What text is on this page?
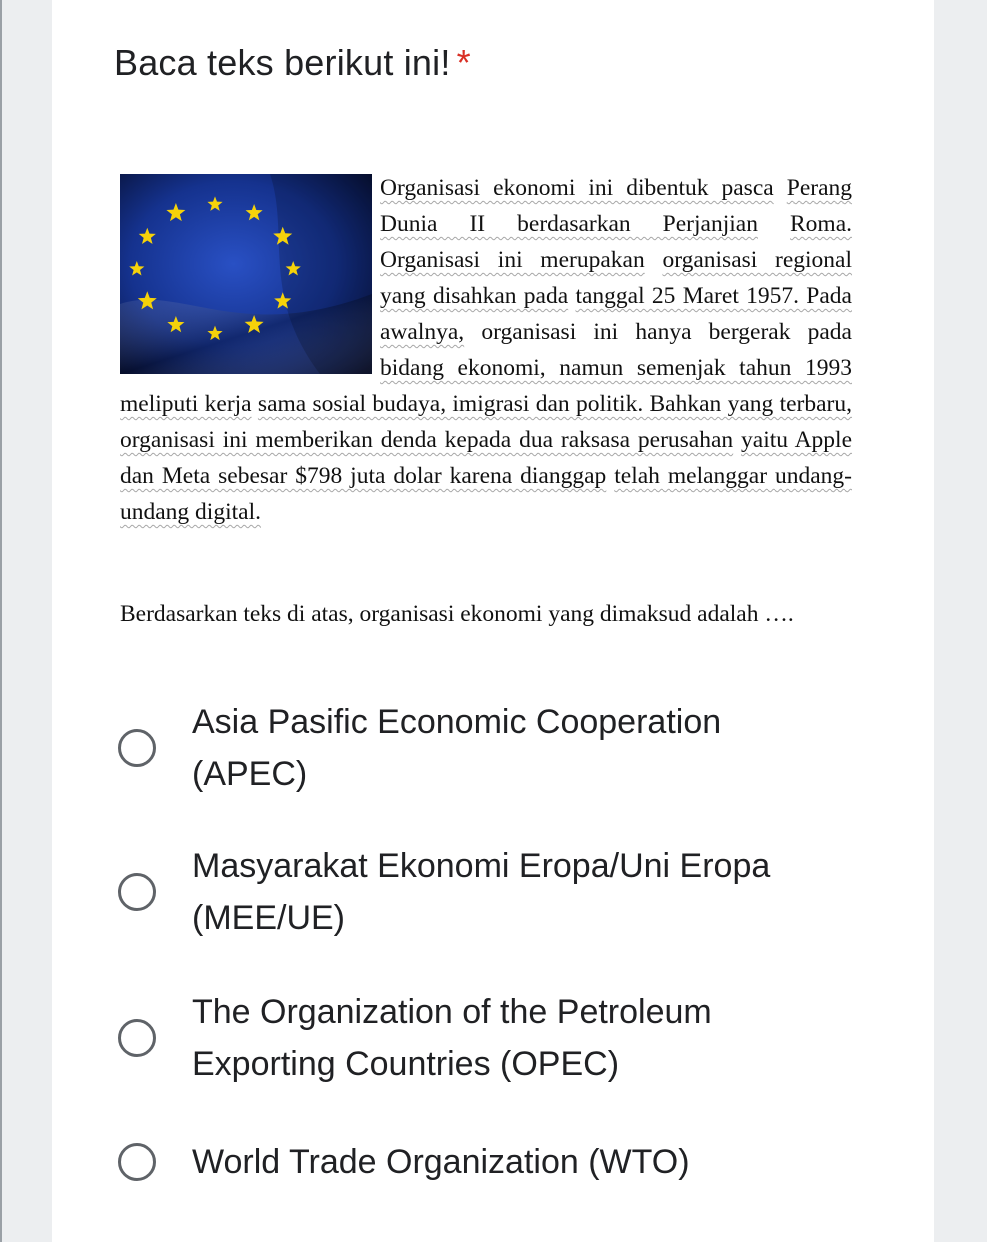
Baca teks berikut ini! *
Organisasi ekonomi ini dibentuk pasca Perang Dunia II berdasarkan Perjanjian Roma. Organisasi ini merupakan organisasi regional yang disahkan pada tanggal 25 Maret 1957. Pada awalnya, organisasi ini hanya bergerak pada bidang ekonomi, namun semenjak tahun 1993 meliputi kerja sama sosial budaya, imigrasi dan politik. Bahkan yang terbaru, organisasi ini memberikan denda kepada dua raksasa perusahan yaitu Apple dan Meta sebesar $798 juta dolar karena dianggap telah melanggar undang-undang digital.
Berdasarkan teks di atas, organisasi ekonomi yang dimaksud adalah ….
Asia Pasific Economic Cooperation (APEC)
Masyarakat Ekonomi Eropa/Uni Eropa (MEE/UE)
The Organization of the Petroleum Exporting Countries (OPEC)
World Trade Organization (WTO)
